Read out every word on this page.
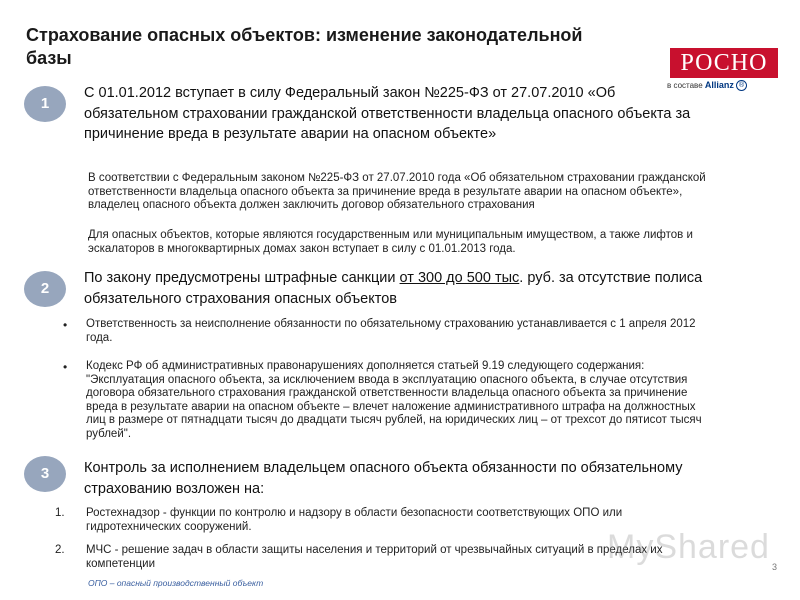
Страхование опасных объектов: изменение законодательной базы	РОСНО
в составе Allianz ®
1
С 01.01.2012 вступает в силу Федеральный закон №225-ФЗ от 27.07.2010 «Об обязательном страховании гражданской ответственности владельца опасного объекта за причинение вреда в результате аварии на опасном объекте»
В соответствии с Федеральным законом №225-ФЗ от 27.07.2010 года «Об обязательном страховании гражданской ответственности владельца опасного объекта за причинение вреда в результате аварии на опасном объекте», владелец опасного объекта должен заключить договор обязательного страхования
Для опасных объектов, которые являются государственным или муниципальным имуществом, а также лифтов и эскалаторов в многоквартирных домах закон вступает в силу с 01.01.2013 года.
2
По закону предусмотрены штрафные санкции от 300 до 500 тыс. руб. за отсутствие полиса обязательного страхования опасных объектов
• Ответственность за неисполнение обязанности по обязательному страхованию устанавливается с 1 апреля 2012 года.
• Кодекс РФ об административных правонарушениях дополняется статьей 9.19 следующего содержания: "Эксплуатация опасного объекта, за исключением ввода в эксплуатацию опасного объекта, в случае отсутствия договора обязательного страхования гражданской ответственности владельца опасного объекта за причинение вреда в результате аварии на опасном объекте – влечет наложение административного штрафа на должностных лиц в размере от пятнадцати тысяч до двадцати тысяч рублей, на юридических лиц – от трехсот до пятисот тысяч рублей".
3	Контроль за исполнением владельцем опасного объекта обязанности по обязательному страхованию возложен на:
1. Ростехнадзор - функции по контролю и надзору в области безопасности соответствующих ОПО или гидротехнических сооружений.
2. МЧС - решение задач в области защиты населения и территорий от чрезвычайных ситуаций в пределах их компетенции	MyShared
ОПО – опасный производственный объект
3
